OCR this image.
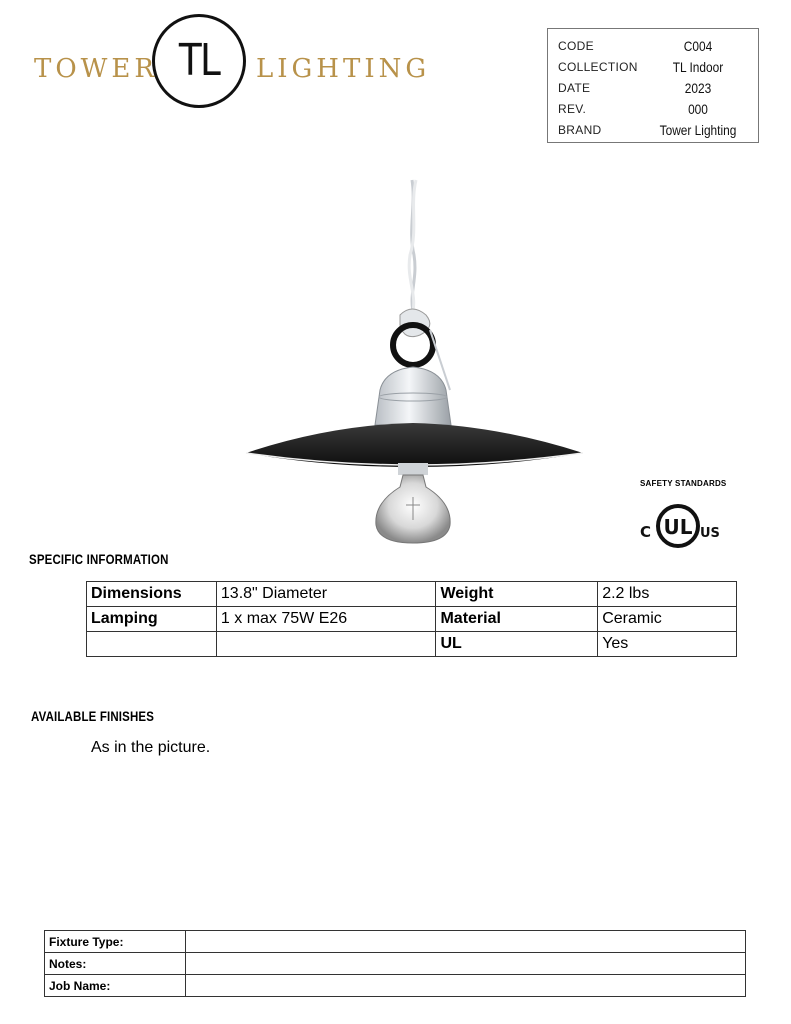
TOWER TL	LIGHTING
CODE	C004
COLLECTION	TL Indoor
DATE	2023
REV.	000
BRAND	Tower Lighting
SAFETY STANDARDS
C UL US
SPECIFIC INFORMATION
Dimensions	13.8" Diameter	Weight	2.2 lbs
Lamping	1 x max 75W E26	Material	Ceramic
		UL	Yes
AVAILABLE FINISHES
As in the picture.
Fixture Type:	
Notes:	
Job Name:	
